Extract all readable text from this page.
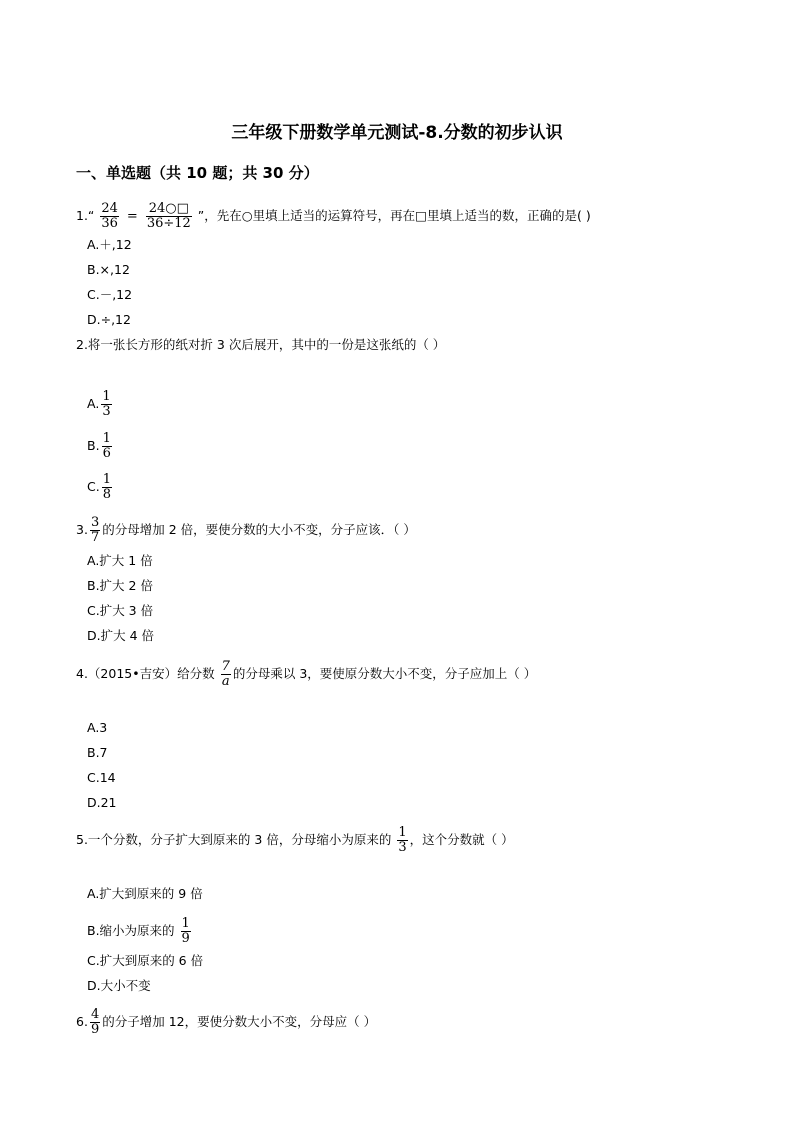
三年级下册数学单元测试-8.分数的初步认识
一、单选题（共 10 题；共 30 分）
1.“ $\frac{24}{36} = \frac{24○□}{36\div 12}$ ”，先在○里填上适当的运算符号，再在□里填上适当的数，正确的是( )
A.＋,12
B.×,12
C.－,12
D.÷,12
2.将一张长方形的纸对折 3 次后展开，其中的一份是这张纸的（ ）
A. $\frac{1}{3}$
B. $\frac{1}{6}$
C. $\frac{1}{8}$
3. $\frac{3}{7}$ 的分母增加 2 倍，要使分数的大小不变，分子应该．（ ）
A.扩大 1 倍
B.扩大 2 倍
C.扩大 3 倍
D.扩大 4 倍
4.（2015•吉安）给分数 $\frac{7}{a}$ 的分母乘以 3，要使原分数大小不变，分子应加上（ ）
A.3
B.7
C.14
D.21
5.一个分数，分子扩大到原来的 3 倍，分母缩小为原来的 $\frac{1}{3}$ ，这个分数就（ ）
A.扩大到原来的 9 倍
B.缩小为原来的 $\frac{1}{9}$
C.扩大到原来的 6 倍
D.大小不变
6. $\frac{4}{9}$ 的分子增加 12，要使分数大小不变，分母应（ ）
